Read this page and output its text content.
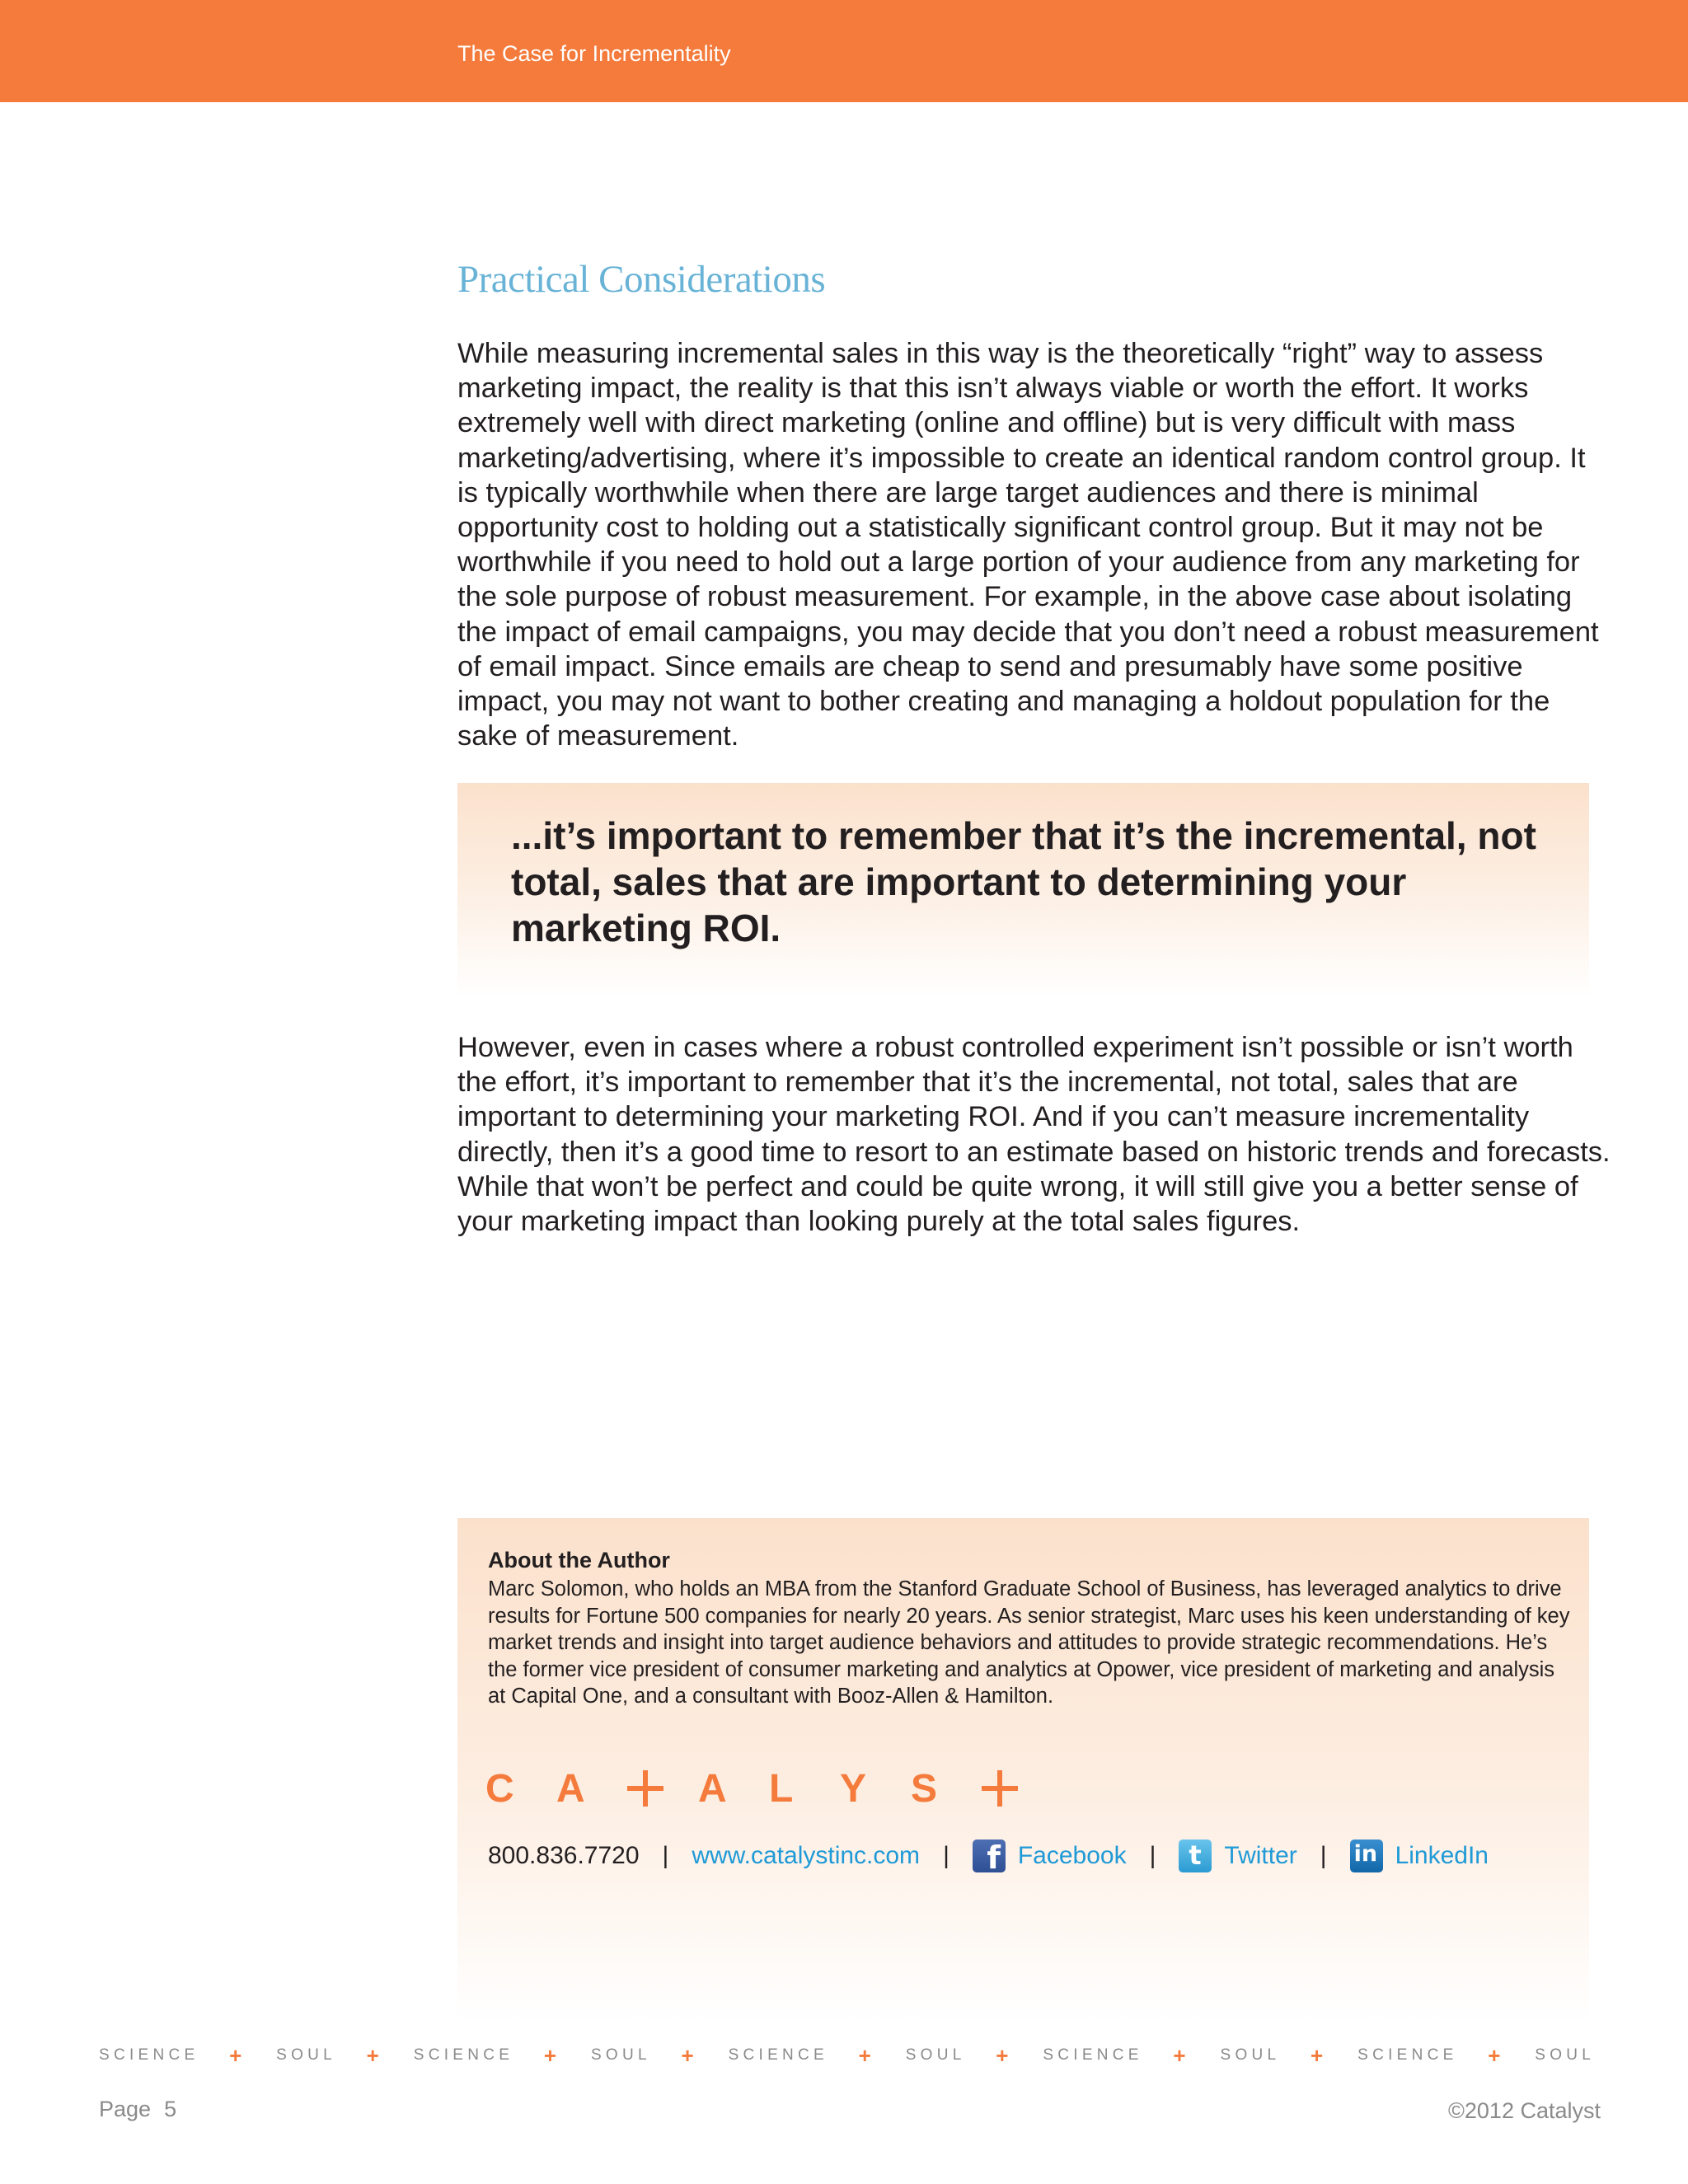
The Case for Incrementality
Practical Considerations

While measuring incremental sales in this way is the theoretically “right” way to assess marketing impact, the reality is that this isn’t always viable or worth the effort. It works extremely well with direct marketing (online and offline) but is very difficult with mass marketing/advertising, where it’s impossible to create an identical random control group. It is typically worthwhile when there are large target audiences and there is minimal opportunity cost to holding out a statistically significant control group. But it may not be worthwhile if you need to hold out a large portion of your audience from any marketing for the sole purpose of robust measurement. For example, in the above case about isolating the impact of email campaigns, you may decide that you don’t need a robust measurement of email impact. Since emails are cheap to send and presumably have some positive impact, you may not want to bother creating and managing a holdout population for the sake of measurement.

...it’s important to remember that it’s the incremental, not total, sales that are important to determining your marketing ROI.

However, even in cases where a robust controlled experiment isn’t possible or isn’t worth the effort, it’s important to remember that it’s the incremental, not total, sales that are important to determining your marketing ROI. And if you can’t measure incrementality directly, then it’s a good time to resort to an estimate based on historic trends and forecasts. While that won’t be perfect and could be quite wrong, it will still give you a better sense of your marketing impact than looking purely at the total sales figures.

About the Author

Marc Solomon, who holds an MBA from the Stanford Graduate School of Business, has leveraged analytics to drive results for Fortune 500 companies for nearly 20 years. As senior strategist, Marc uses his keen understanding of key market trends and insight into target audience behaviors and attitudes to provide strategic recommendations. He’s the former vice president of consumer marketing and analytics at Opower, vice president of marketing and analysis at Capital One, and a consultant with Booz-Allen & Hamilton.

C	A	A	L	Y	S
800.836.7720 | www.catalystinc.com | f	Facebook | t	Twitter | in	LinkedIn
S C I E N C E + S O U L + S C I E N C E + S O U L + S C I E N C E + S O U L + S C I E N C E + S O U L + S C I E N C E + S O U L
Page 5	©2012 Catalyst
